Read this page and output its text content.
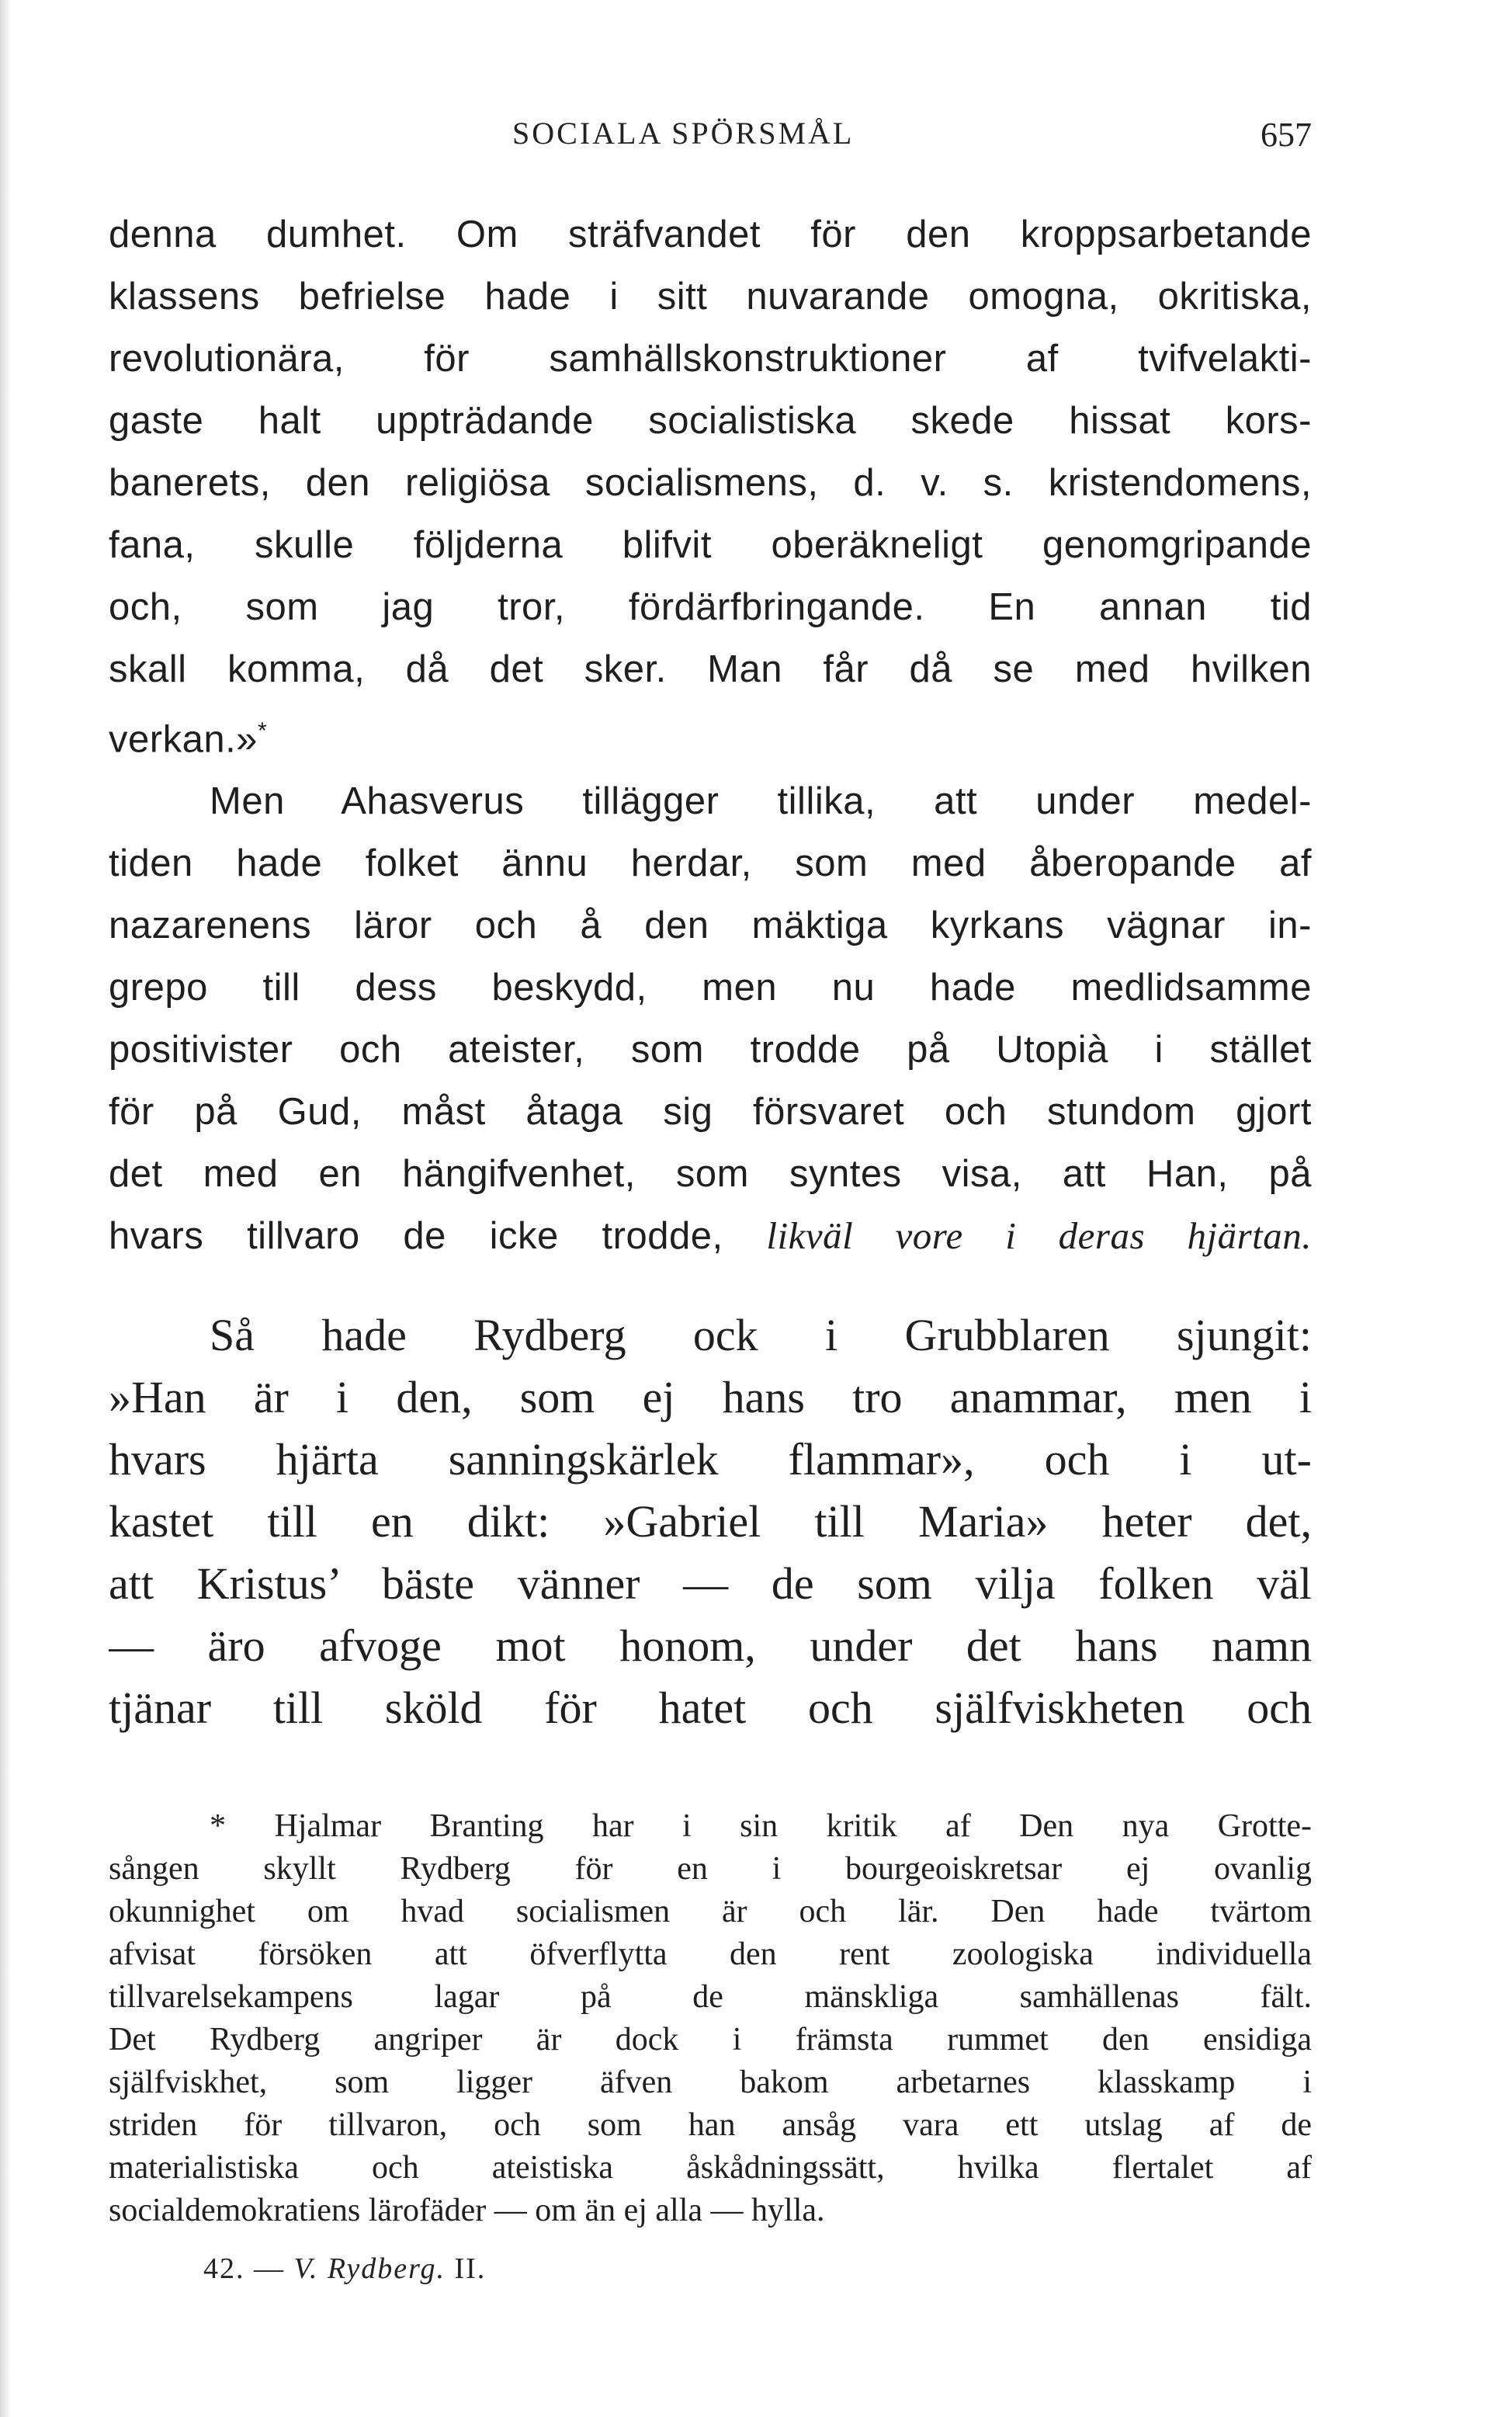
SOCIALA SPÖRSMÅL	657
denna dumhet. Om sträfvandet för den kroppsarbetande
klassens befrielse hade i sitt nuvarande omogna, okritiska,
revolutionära, för samhällskonstruktioner af tvifvelakti-
gaste halt uppträdande socialistiska skede hissat kors-
banerets, den religiösa socialismens, d. v. s. kristendomens,
fana, skulle följderna blifvit oberäkneligt genomgripande
och, som jag tror, fördärfbringande. En annan tid
skall komma, då det sker. Man får då se med hvilken
verkan.»*
Men Ahasverus tillägger tillika, att under medel-
tiden hade folket ännu herdar, som med åberopande af
nazarenens läror och å den mäktiga kyrkans vägnar in-
grepo till dess beskydd, men nu hade medlidsamme
positivister och ateister, som trodde på Utopià i stället
för på Gud, måst åtaga sig försvaret och stundom gjort
det med en hängifvenhet, som syntes visa, att Han, på
hvars tillvaro de icke trodde, likväl vore i deras hjärtan.
Så hade Rydberg ock i Grubblaren sjungit:
»Han är i den, som ej hans tro anammar, men i
hvars hjärta sanningskärlek flammar», och i ut-
kastet till en dikt: »Gabriel till Maria» heter det,
att Kristus’ bäste vänner — de som vilja folken väl
— äro afvoge mot honom, under det hans namn
tjänar till sköld för hatet och själfviskheten och
* Hjalmar Branting har i sin kritik af Den nya Grotte-
sången skyllt Rydberg för en i bourgeoiskretsar ej ovanlig
okunnighet om hvad socialismen är och lär. Den hade tvärtom
afvisat försöken att öfverflytta den rent zoologiska individuella
tillvarelsekampens lagar på de mänskliga samhällenas fält.
Det Rydberg angriper är dock i främsta rummet den ensidiga
själfviskhet, som ligger äfven bakom arbetarnes klasskamp i
striden för tillvaron, och som han ansåg vara ett utslag af de
materialistiska och ateistiska åskådningssätt, hvilka flertalet af
socialdemokratiens lärofäder — om än ej alla — hylla.
42. — V. Rydberg. II.
